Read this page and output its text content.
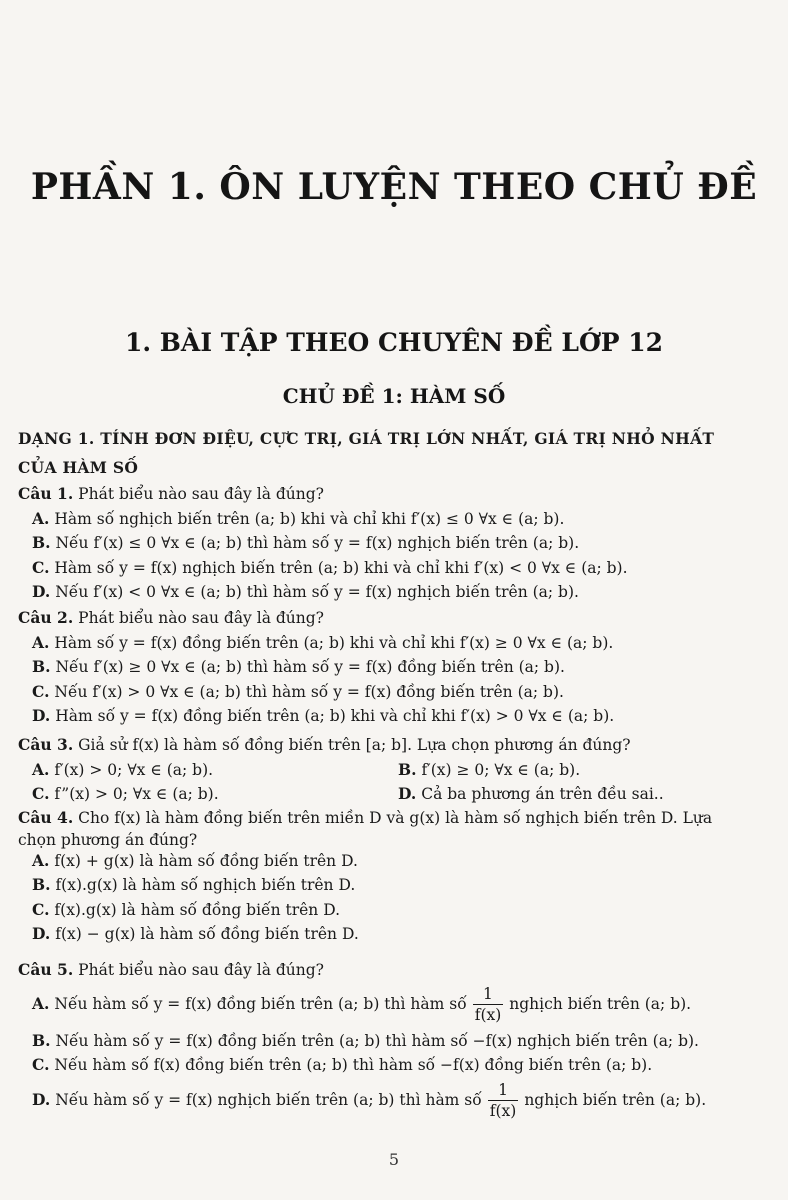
PHẦN 1. ÔN LUYỆN THEO CHỦ ĐỀ
1. BÀI TẬP THEO CHUYÊN ĐỀ LỚP 12
CHỦ ĐỀ 1: HÀM SỐ
DẠNG 1. TÍNH ĐƠN ĐIỆU, CỰC TRỊ, GIÁ TRỊ LỚN NHẤT, GIÁ TRỊ NHỎ NHẤT
CỦA HÀM SỐ
Câu 1. Phát biểu nào sau đây là đúng?
A. Hàm số nghịch biến trên (a; b) khi và chỉ khi f′(x) ≤ 0 ∀x ∈ (a; b).
B. Nếu f′(x) ≤ 0 ∀x ∈ (a; b) thì hàm số y = f(x) nghịch biến trên (a; b).
C. Hàm số y = f(x) nghịch biến trên (a; b) khi và chỉ khi f′(x) < 0 ∀x ∈ (a; b).
D. Nếu f′(x) < 0 ∀x ∈ (a; b) thì hàm số y = f(x) nghịch biến trên (a; b).
Câu 2. Phát biểu nào sau đây là đúng?
A. Hàm số y = f(x) đồng biến trên (a; b) khi và chỉ khi f′(x) ≥ 0 ∀x ∈ (a; b).
B. Nếu f′(x) ≥ 0 ∀x ∈ (a; b) thì hàm số y = f(x) đồng biến trên (a; b).
C. Nếu f′(x) > 0 ∀x ∈ (a; b) thì hàm số y = f(x) đồng biến trên (a; b).
D. Hàm số y = f(x) đồng biến trên (a; b) khi và chỉ khi f′(x) > 0 ∀x ∈ (a; b).
Câu 3. Giả sử f(x) là hàm số đồng biến trên [a; b]. Lựa chọn phương án đúng?
A. f′(x) > 0; ∀x ∈ (a; b).	B. f′(x) ≥ 0; ∀x ∈ (a; b).
C. f”(x) > 0; ∀x ∈ (a; b).	D. Cả ba phương án trên đều sai..
Câu 4. Cho f(x) là hàm đồng biến trên miền D và g(x) là hàm số nghịch biến trên D. Lựa
chọn phương án đúng?
A. f(x) + g(x) là hàm số đồng biến trên D.
B. f(x).g(x) là hàm số nghịch biến trên D.
C. f(x).g(x) là hàm số đồng biến trên D.
D. f(x) − g(x) là hàm số đồng biến trên D.
Câu 5. Phát biểu nào sau đây là đúng?
A.
Nếu hàm số y = f(x) đồng biến trên (a; b) thì hàm số $\frac{1}{f(x)}$ nghịch biến trên (a; b).
B. Nếu hàm số y = f(x) đồng biến trên (a; b) thì hàm số −f(x) nghịch biến trên (a; b).
C. Nếu hàm số f(x) đồng biến trên (a; b) thì hàm số −f(x) đồng biến trên (a; b).
D.
Nếu hàm số y = f(x) nghịch biến trên (a; b) thì hàm số $\frac{1}{f(x)}$ nghịch biến trên (a; b).
5
